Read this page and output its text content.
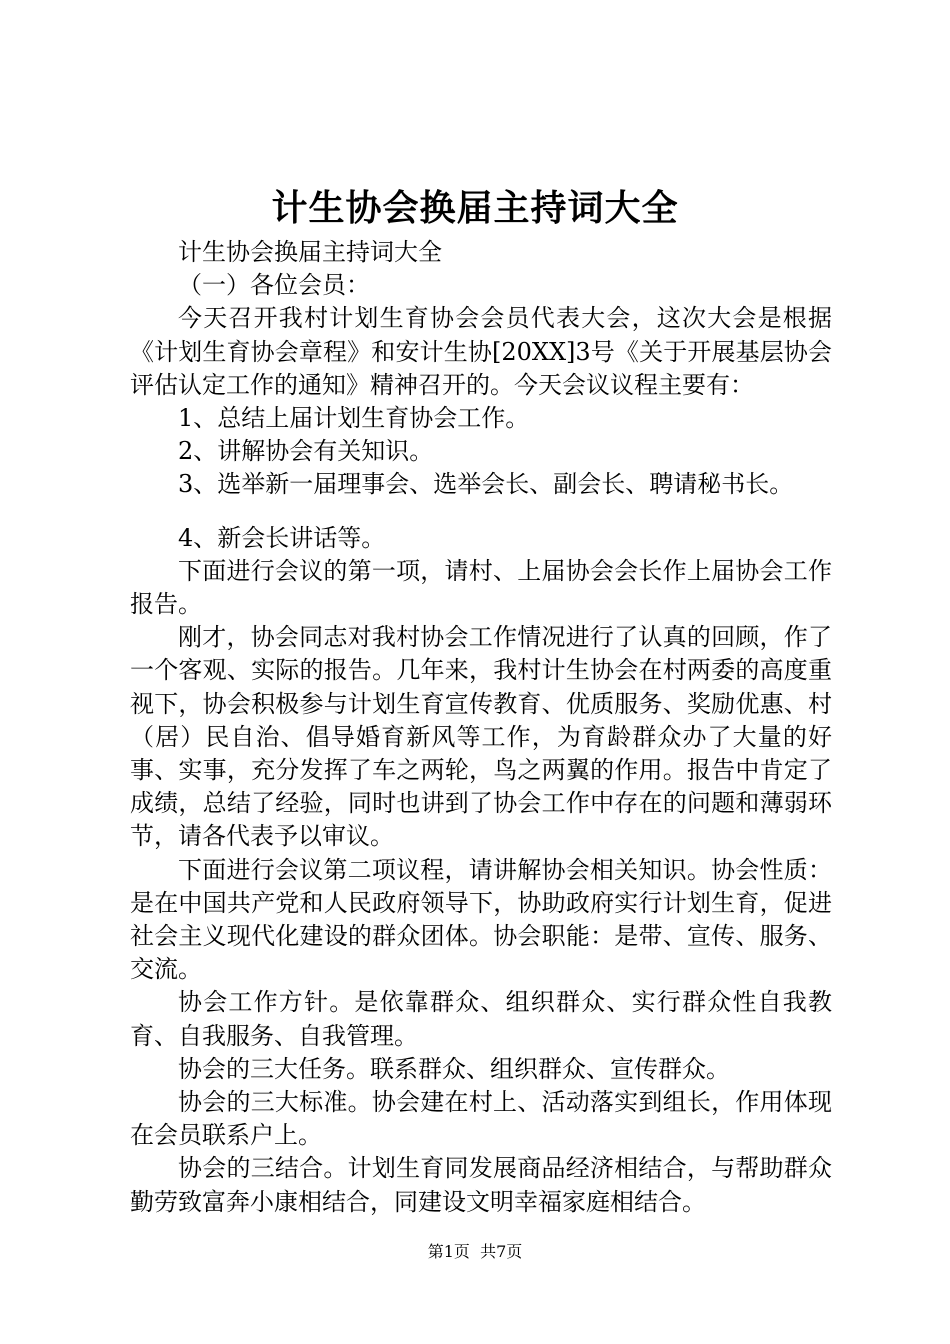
计生协会换届主持词大全

计生协会换届主持词大全

（一）各位会员：

今天召开我村计划生育协会会员代表大会，这次大会是根据《计划生育协会章程》和安计生协[20XX]3号《关于开展基层协会评估认定工作的通知》精神召开的。今天会议议程主要有：

1、总结上届计划生育协会工作。

2、讲解协会有关知识。

3、选举新一届理事会、选举会长、副会长、聘请秘书长。

4、新会长讲话等。

下面进行会议的第一项，请村、上届协会会长作上届协会工作报告。

刚才，协会同志对我村协会工作情况进行了认真的回顾，作了一个客观、实际的报告。几年来，我村计生协会在村两委的高度重视下，协会积极参与计划生育宣传教育、优质服务、奖励优惠、村（居）民自治、倡导婚育新风等工作，为育龄群众办了大量的好事、实事，充分发挥了车之两轮，鸟之两翼的作用。报告中肯定了成绩，总结了经验，同时也讲到了协会工作中存在的问题和薄弱环节，请各代表予以审议。

下面进行会议第二项议程，请讲解协会相关知识。协会性质：是在中国共产党和人民政府领导下，协助政府实行计划生育，促进社会主义现代化建设的群众团体。协会职能：是带、宣传、服务、交流。

协会工作方针。是依靠群众、组织群众、实行群众性自我教育、自我服务、自我管理。

协会的三大任务。联系群众、组织群众、宣传群众。

协会的三大标准。协会建在村上、活动落实到组长，作用体现在会员联系户上。

协会的三结合。计划生育同发展商品经济相结合，与帮助群众勤劳致富奔小康相结合，同建设文明幸福家庭相结合。

第1页 共7页
